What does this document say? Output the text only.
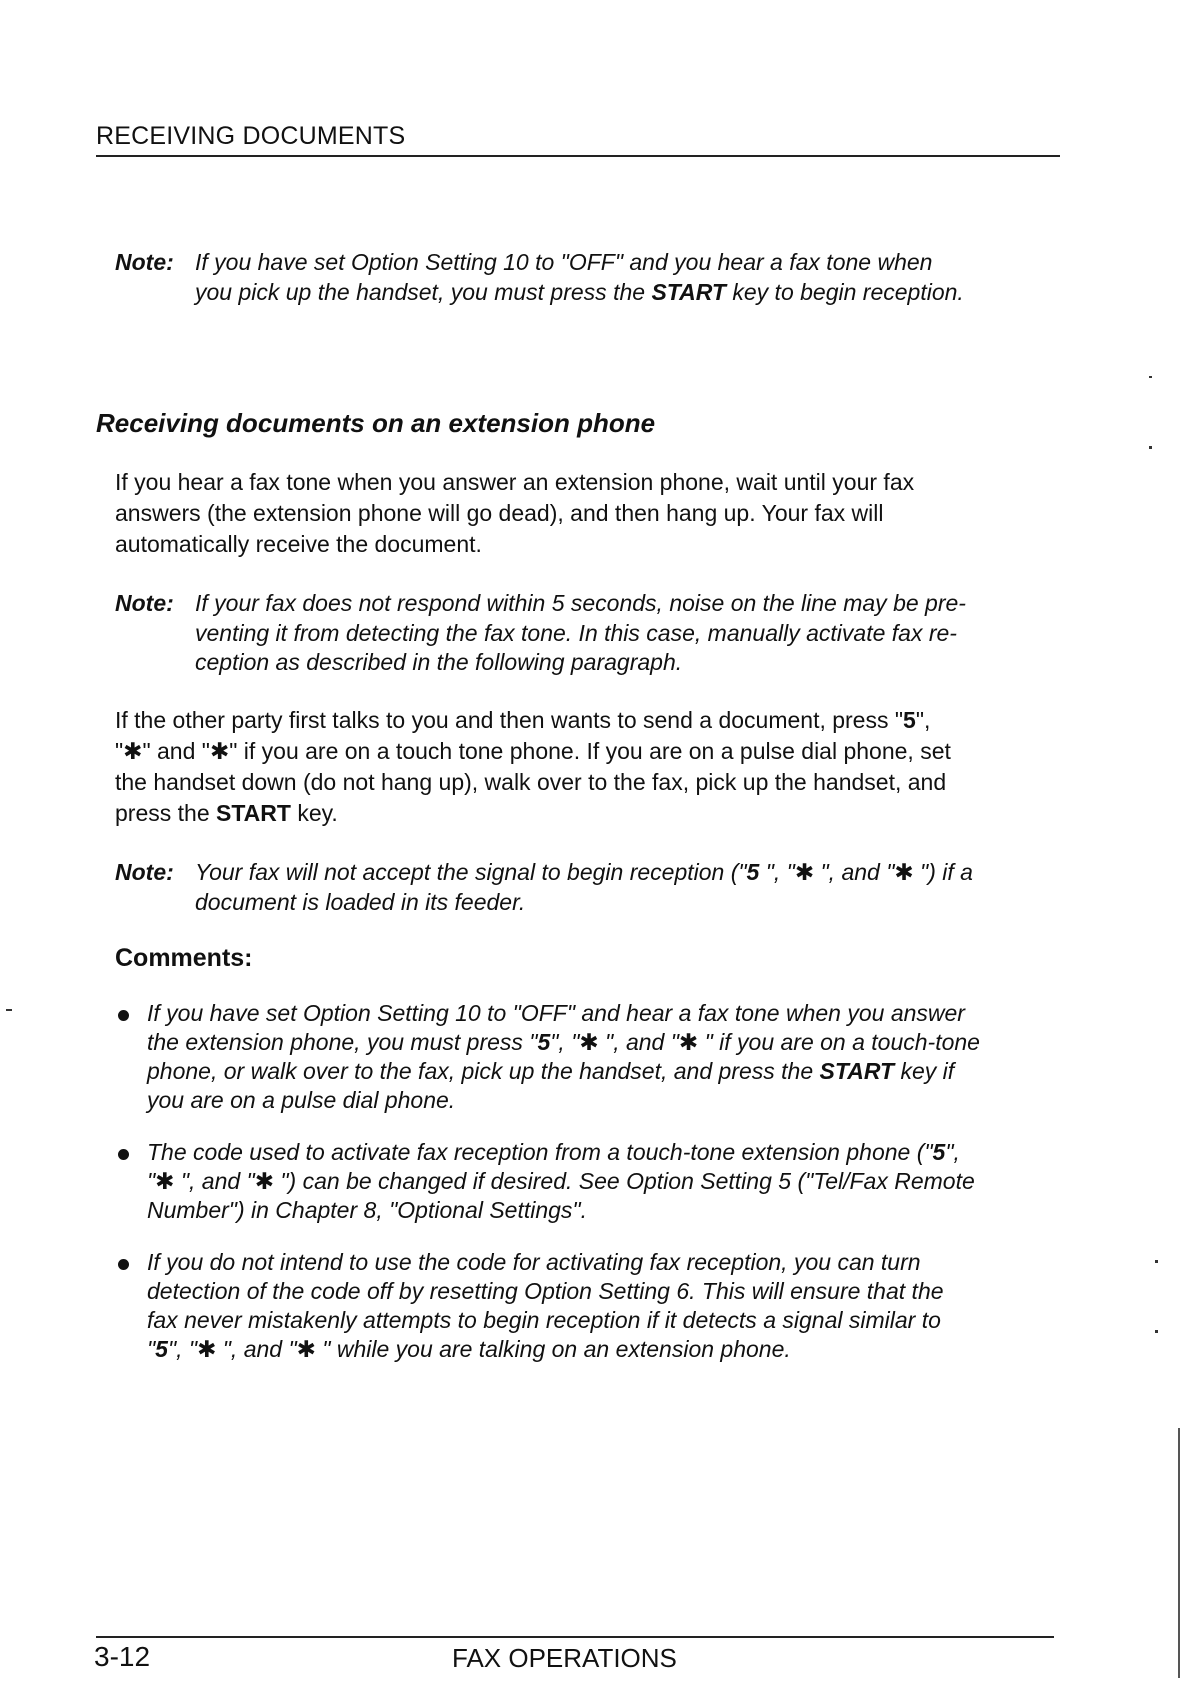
RECEIVING DOCUMENTS
Note: If you have set Option Setting 10 to "OFF" and you hear a fax tone when
you pick up the handset, you must press the START key to begin reception.
Receiving documents on an extension phone
If you hear a fax tone when you answer an extension phone, wait until your fax
answers (the extension phone will go dead), and then hang up. Your fax will
automatically receive the document.
Note: If your fax does not respond within 5 seconds, noise on the line may be pre-
venting it from detecting the fax tone. In this case, manually activate fax re-
ception as described in the following paragraph.
If the other party first talks to you and then wants to send a document, press "5",
"✱" and "✱" if you are on a touch tone phone. If you are on a pulse dial phone, set
the handset down (do not hang up), walk over to the fax, pick up the handset, and
press the START key.
Note: Your fax will not accept the signal to begin reception ("5 ", "✱ ", and "✱ ") if a
document is loaded in its feeder.
Comments:
If you have set Option Setting 10 to "OFF" and hear a fax tone when you answer
the extension phone, you must press "5", "✱ ", and "✱ " if you are on a touch-tone
phone, or walk over to the fax, pick up the handset, and press the START key if
you are on a pulse dial phone.
The code used to activate fax reception from a touch-tone extension phone ("5",
"✱ ", and "✱ ") can be changed if desired. See Option Setting 5 ("Tel/Fax Remote
Number") in Chapter 8, "Optional Settings".
If you do not intend to use the code for activating fax reception, you can turn
detection of the code off by resetting Option Setting 6. This will ensure that the
fax never mistakenly attempts to begin reception if it detects a signal similar to
"5", "✱ ", and "✱ " while you are talking on an extension phone.
3-12	FAX OPERATIONS
